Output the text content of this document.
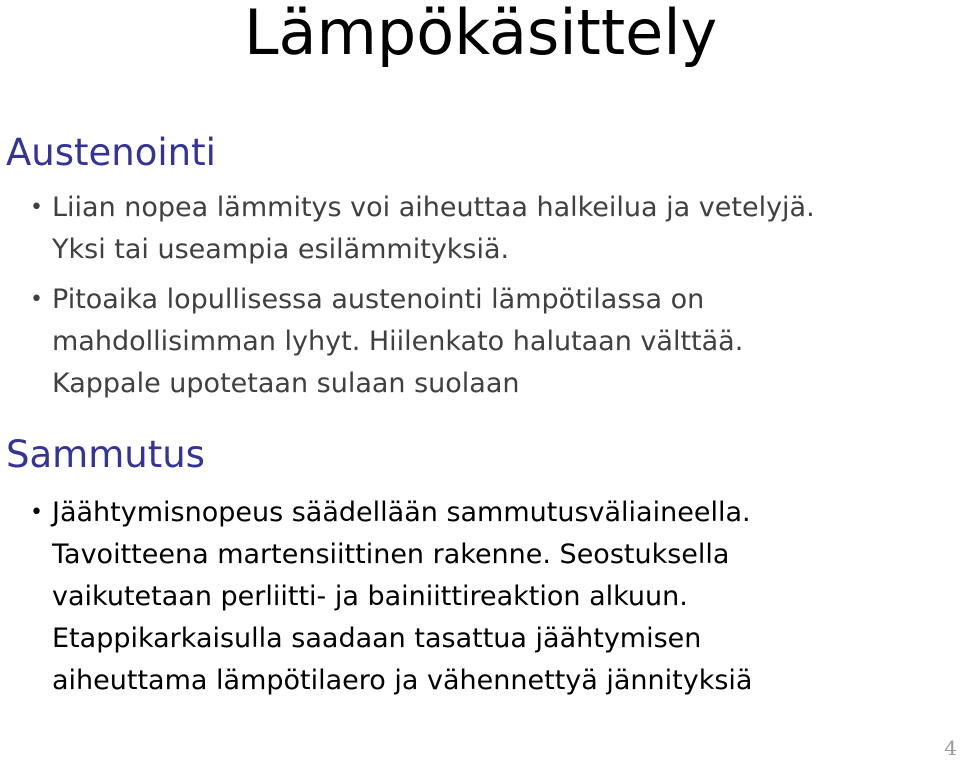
Lämpökäsittely
Austenointi
• Liian nopea lämmitys voi aiheuttaa halkeilua ja vetelyjä.
Yksi tai useampia esilämmityksiä.
• Pitoaika lopullisessa austenointi lämpötilassa on
mahdollisimman lyhyt. Hiilenkato halutaan välttää.
Kappale upotetaan sulaan suolaan
Sammutus
• Jäähtymisnopeus säädellään sammutusväliaineella.
Tavoitteena martensiittinen rakenne. Seostuksella
vaikutetaan perliitti- ja bainiittireaktion alkuun.
Etappikarkaisulla saadaan tasattua jäähtymisen
aiheuttama lämpötilaero ja vähennettyä jännityksiä
4
